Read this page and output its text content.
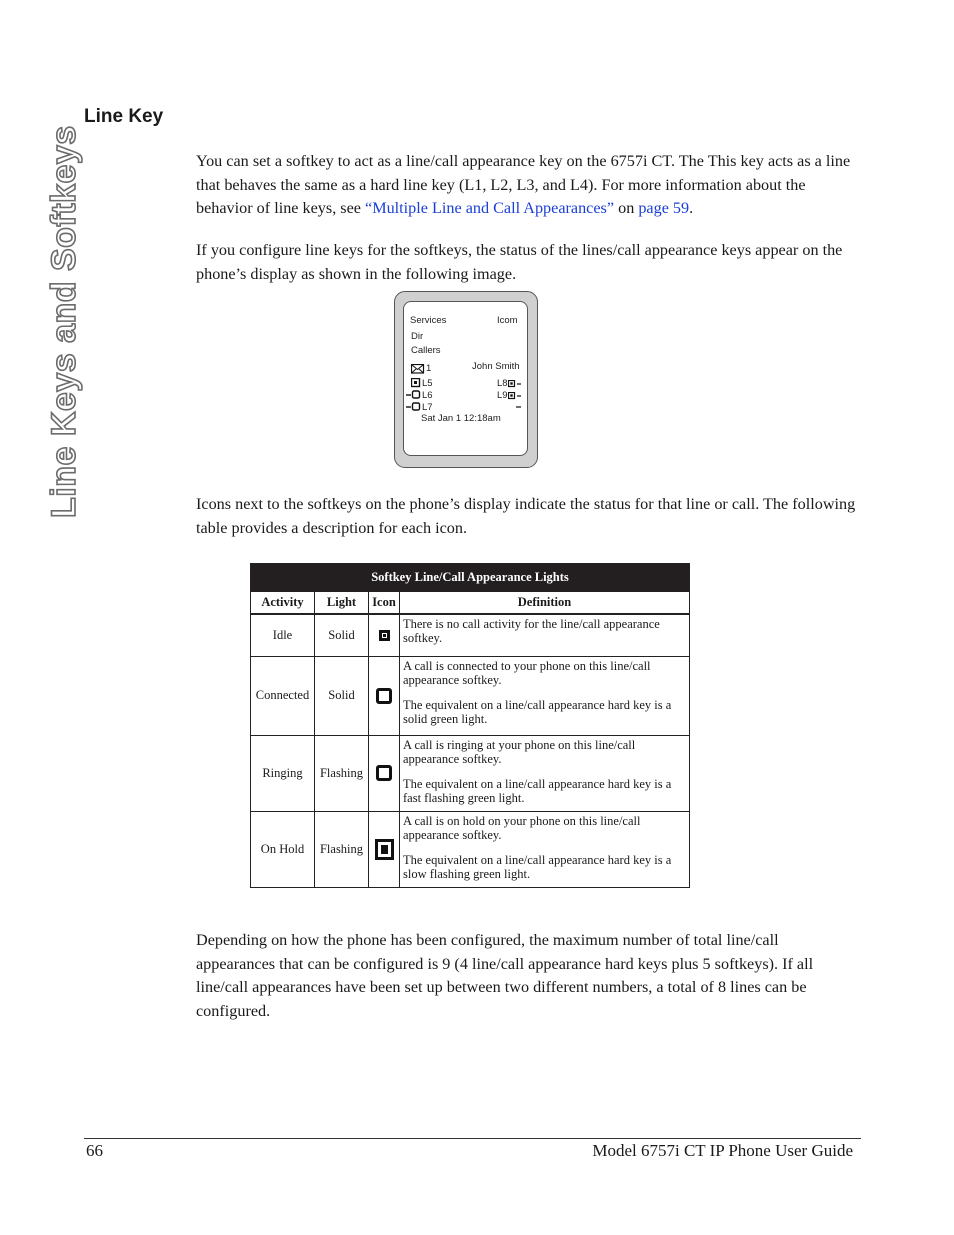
Line Keys and Softkeys
Line Key

You can set a softkey to act as a line/call appearance key on the 6757i CT. The This key acts as a line that behaves the same as a hard line key (L1, L2, L3, and L4). For more information about the behavior of line keys, see “Multiple Line and Call Appearances” on page 59.

If you configure line keys for the softkeys, the status of the lines/call appearance keys appear on the phone’s display as shown in the following image.

Services	Icom
Dir
Callers
1	John Smith
L5
L6
L7
L8
L9
Sat Jan 1 12:18am

Icons next to the softkeys on the phone’s display indicate the status for that line or call. The following table provides a description for each icon.

Softkey Line/Call Appearance Lights			
Activity	Light	Icon	Definition
Idle	Solid		There is no call activity for the line/call appearance softkey.

Connected	Solid		A call is connected to your phone on this line/call appearance softkey.

The equivalent on a line/call appearance hard key is a solid green light.

Ringing	Flashing		A call is ringing at your phone on this line/call appearance softkey.

The equivalent on a line/call appearance hard key is a fast flashing green light.

On Hold	Flashing		A call is on hold on your phone on this line/call appearance softkey.

The equivalent on a line/call appearance hard key is a slow flashing green light.

Depending on how the phone has been configured, the maximum number of total line/call appearances that can be configured is 9 (4 line/call appearance hard keys plus 5 softkeys). If all line/call appearances have been set up between two different numbers, a total of 8 lines can be configured.

66	Model 6757i CT IP Phone User Guide
